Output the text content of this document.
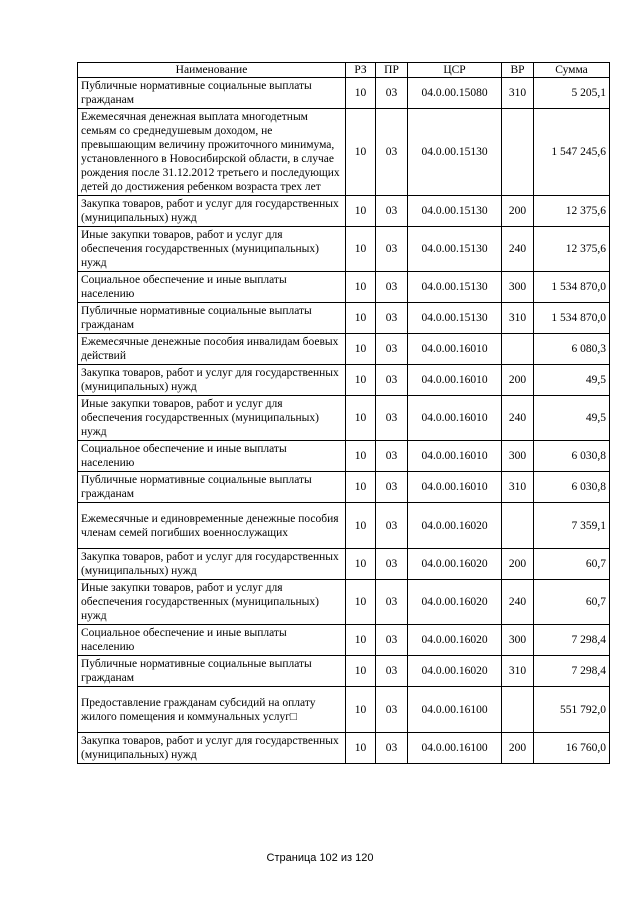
Наименование	РЗ	ПР	ЦСР	ВР	Сумма
Публичные нормативные социальные выплаты гражданам	10	03	04.0.00.15080	310	5 205,1
Ежемесячная денежная выплата многодетным семьям со среднедушевым доходом, не превышающим величину прожиточного минимума, установленного в Новосибирской области, в случае рождения после 31.12.2012 третьего и последующих детей до достижения ребенком возраста трех лет	10	03	04.0.00.15130		1 547 245,6
Закупка товаров, работ и услуг для государственных (муниципальных) нужд	10	03	04.0.00.15130	200	12 375,6
Иные закупки товаров, работ и услуг для обеспечения государственных (муниципальных) нужд	10	03	04.0.00.15130	240	12 375,6
Социальное обеспечение и иные выплаты населению	10	03	04.0.00.15130	300	1 534 870,0
Публичные нормативные социальные выплаты гражданам	10	03	04.0.00.15130	310	1 534 870,0
Ежемесячные денежные пособия инвалидам боевых действий	10	03	04.0.00.16010		6 080,3
Закупка товаров, работ и услуг для государственных (муниципальных) нужд	10	03	04.0.00.16010	200	49,5
Иные закупки товаров, работ и услуг для обеспечения государственных (муниципальных) нужд	10	03	04.0.00.16010	240	49,5
Социальное обеспечение и иные выплаты населению	10	03	04.0.00.16010	300	6 030,8
Публичные нормативные социальные выплаты гражданам	10	03	04.0.00.16010	310	6 030,8
Ежемесячные и единовременные денежные пособия членам семей погибших военнослужащих	10	03	04.0.00.16020		7 359,1
Закупка товаров, работ и услуг для государственных (муниципальных) нужд	10	03	04.0.00.16020	200	60,7
Иные закупки товаров, работ и услуг для обеспечения государственных (муниципальных) нужд	10	03	04.0.00.16020	240	60,7
Социальное обеспечение и иные выплаты населению	10	03	04.0.00.16020	300	7 298,4
Публичные нормативные социальные выплаты гражданам	10	03	04.0.00.16020	310	7 298,4
Предоставление гражданам субсидий на оплату жилого помещения и коммунальных услуг□	10	03	04.0.00.16100		551 792,0
Закупка товаров, работ и услуг для государственных (муниципальных) нужд	10	03	04.0.00.16100	200	16 760,0
Страница 102 из 120
